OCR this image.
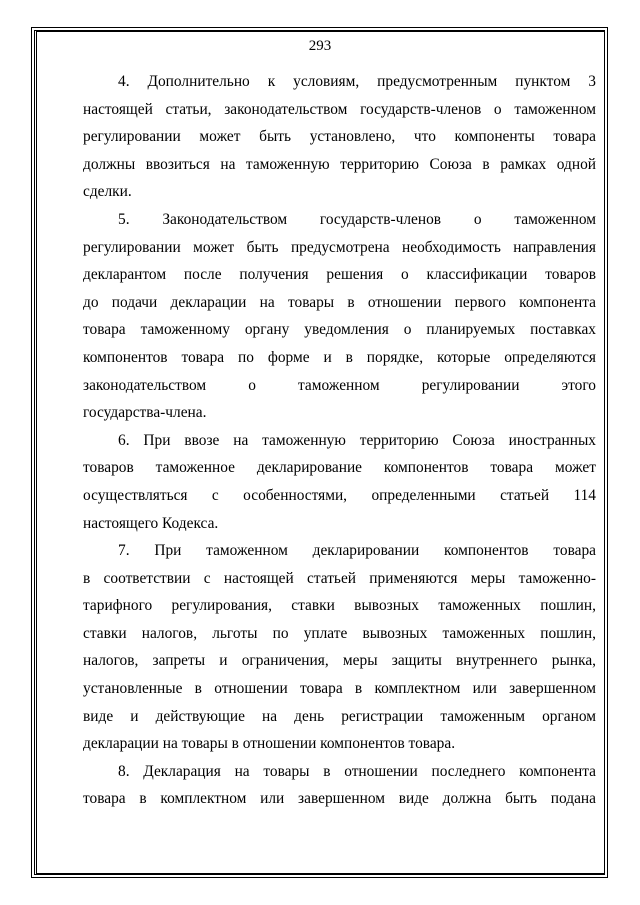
293

4. Дополнительно к условиям, предусмотренным пунктом 3
настоящей статьи, законодательством государств-членов о таможенном
регулировании может быть установлено, что компоненты товара
должны ввозиться на таможенную территорию Союза в рамках одной
сделки.

5. Законодательством государств-членов о таможенном
регулировании может быть предусмотрена необходимость направления
декларантом после получения решения о классификации товаров
до подачи декларации на товары в отношении первого компонента
товара таможенному органу уведомления о планируемых поставках
компонентов товара по форме и в порядке, которые определяются
законодательством о таможенном регулировании этого
государства-члена.

6. При ввозе на таможенную территорию Союза иностранных
товаров таможенное декларирование компонентов товара может
осуществляться с особенностями, определенными статьей 114
настоящего Кодекса.

7. При таможенном декларировании компонентов товара
в соответствии с настоящей статьей применяются меры таможенно-
тарифного регулирования, ставки вывозных таможенных пошлин,
ставки налогов, льготы по уплате вывозных таможенных пошлин,
налогов, запреты и ограничения, меры защиты внутреннего рынка,
установленные в отношении товара в комплектном или завершенном
виде и действующие на день регистрации таможенным органом
декларации на товары в отношении компонентов товара.

8. Декларация на товары в отношении последнего компонента
товара в комплектном или завершенном виде должна быть подана
